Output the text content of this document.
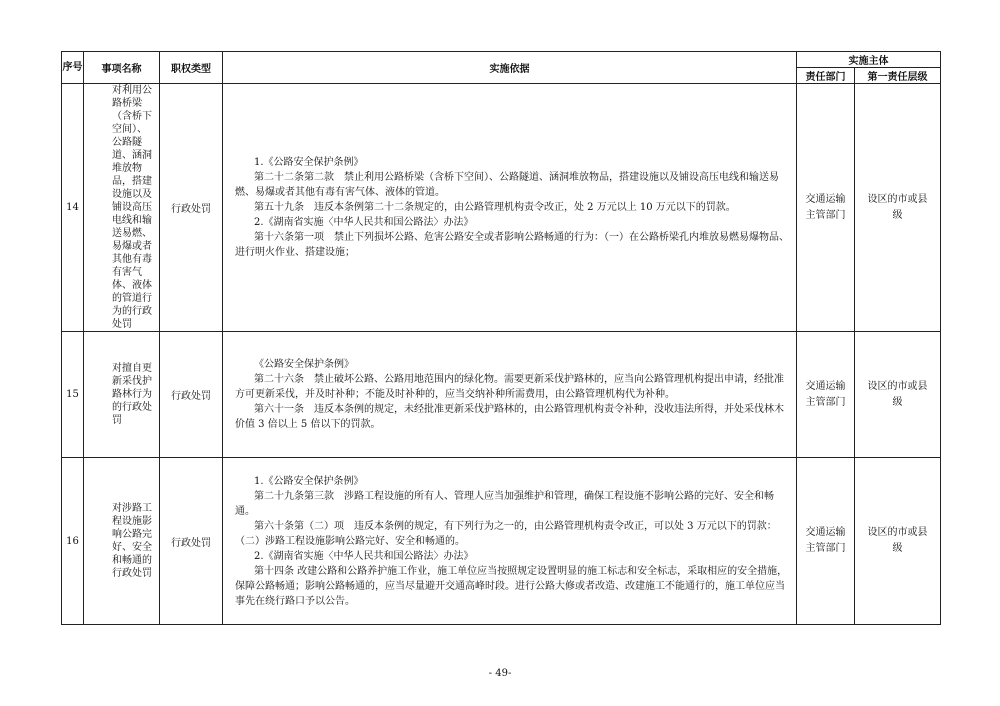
序号	事项名称	职权类型	实施依据	实施主体	
				责任部门	第一责任层级
14	对利用公路桥梁（含桥下空间）、公路隧道、涵洞堆放物品，搭建设施以及铺设高压电线和输送易燃、易爆或者其他有毒有害气体、液体的管道行为的行政处罚	行政处罚	1.《公路安全保护条例》

第二十二条第二款　禁止利用公路桥梁（含桥下空间）、公路隧道、涵洞堆放物品，搭建设施以及铺设高压电线和输送易燃、易爆或者其他有毒有害气体、液体的管道。

第五十九条　违反本条例第二十二条规定的，由公路管理机构责令改正，处 2 万元以上 10 万元以下的罚款。

2.《湖南省实施〈中华人民共和国公路法〉办法》

第十六条第一项　禁止下列损坏公路、危害公路安全或者影响公路畅通的行为：（一）在公路桥梁孔内堆放易燃易爆物品、进行明火作业、搭建设施；	交通运输主管部门	设区的市或县级
15	对擅自更新采伐护路林行为的行政处罚	行政处罚	《公路安全保护条例》

第二十六条　禁止破坏公路、公路用地范围内的绿化物。需要更新采伐护路林的，应当向公路管理机构提出申请，经批准方可更新采伐，并及时补种；不能及时补种的，应当交纳补种所需费用，由公路管理机构代为补种。

第六十一条　违反本条例的规定，未经批准更新采伐护路林的，由公路管理机构责令补种，没收违法所得，并处采伐林木价值 3 倍以上 5 倍以下的罚款。	交通运输主管部门	设区的市或县级
16	对涉路工程设施影响公路完好、安全和畅通的行政处罚	行政处罚	1.《公路安全保护条例》

第二十九条第三款　涉路工程设施的所有人、管理人应当加强维护和管理，确保工程设施不影响公路的完好、安全和畅通。

第六十条第（二）项　违反本条例的规定，有下列行为之一的，由公路管理机构责令改正，可以处 3 万元以下的罚款：（二）涉路工程设施影响公路完好、安全和畅通的。

2.《湖南省实施〈中华人民共和国公路法〉办法》

第十四条 改建公路和公路养护施工作业，施工单位应当按照规定设置明显的施工标志和安全标志，采取相应的安全措施，保障公路畅通；影响公路畅通的，应当尽量避开交通高峰时段。进行公路大修或者改造、改建施工不能通行的，施工单位应当事先在绕行路口予以公告。	交通运输主管部门	设区的市或县级
- 49-
